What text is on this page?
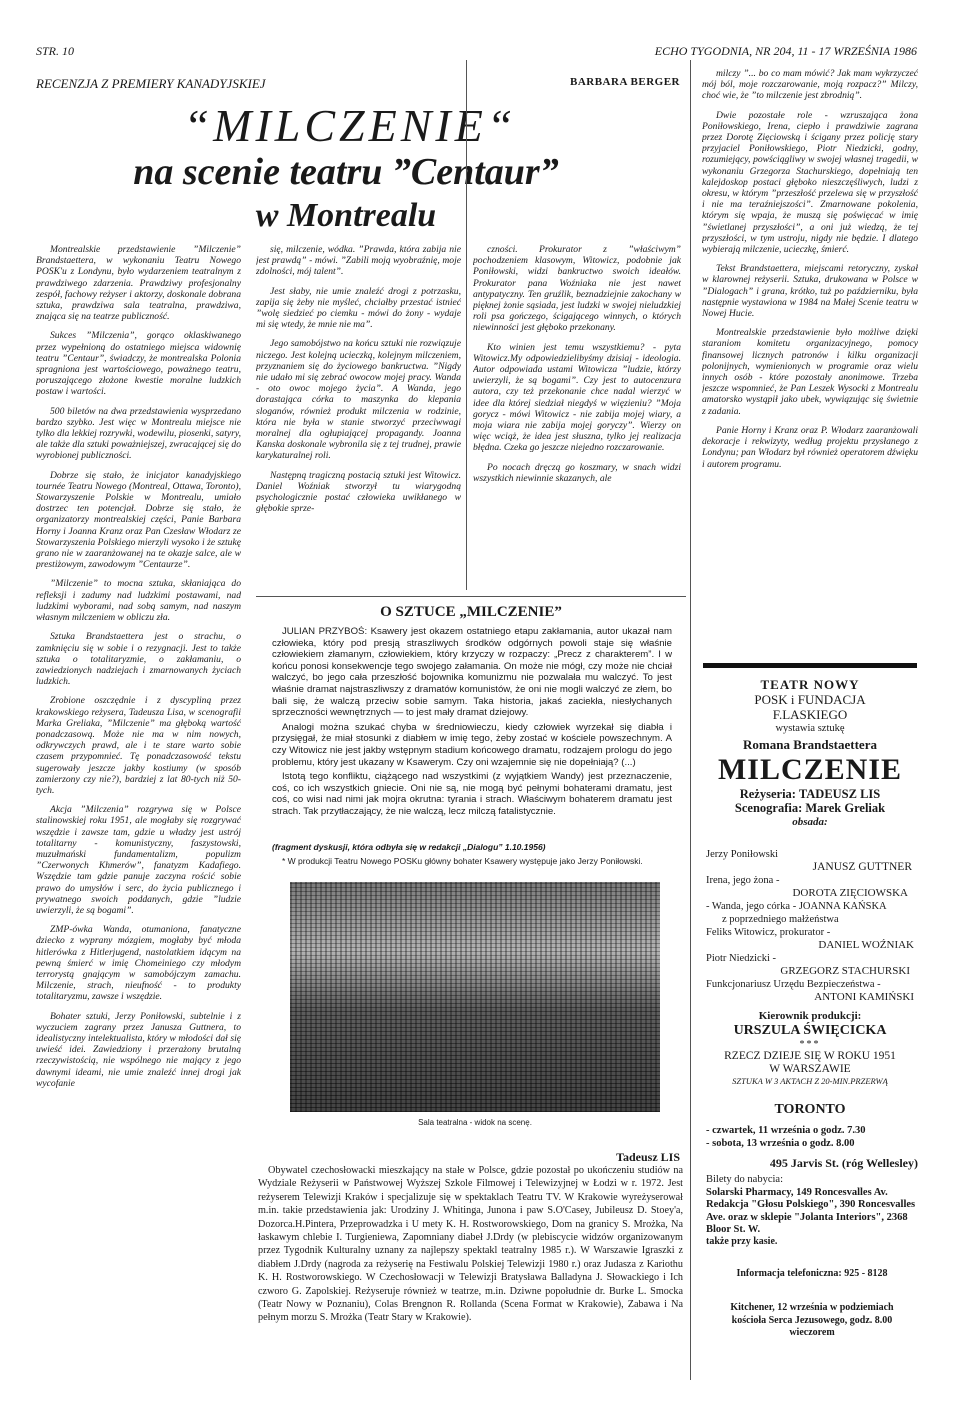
STR. 10	ECHO TYGODNIA, NR 204, 11 - 17 WRZEŚNIA 1986
RECENZJA Z PREMIERY KANADYJSKIEJ	BARBARA BERGER
“MILCZENIE“
na scenie teatru ”Centaur”
w Montrealu

Montrealskie przedstawienie ”Milczenie” Brandstaettera, w wykonaniu Teatru Nowego POSK'u z Londynu, było wydarzeniem teatralnym z prawdziwego zdarzenia. Prawdziwy profesjonalny zespół, fachowy reżyser i aktorzy, doskonale dobrana sztuka, prawdziwa sala teatralna, prawdziwa, znająca się na teatrze publiczność.

Sukces ”Milczenia”, gorąco oklaskiwanego przez wypełnioną do ostatniego miejsca widownię teatru ”Centaur”, świadczy, że montrealska Polonia spragniona jest wartościowego, poważnego teatru, poruszającego złożone kwestie moralne ludzkich postaw i wartości.

500 biletów na dwa przedstawienia wysprzedano bardzo szybko. Jest więc w Montrealu miejsce nie tylko dla lekkiej rozrywki, wodewilu, piosenki, satyry, ale także dla sztuki poważniejszej, zwracającej się do wyrobionej publiczności.

Dobrze się stało, że inicjator kanadyjskiego tournée Teatru Nowego (Montreal, Ottawa, Toronto), Stowarzyszenie Polskie w Montrealu, umiało dostrzec ten potencjał. Dobrze się stało, że organizatorzy montrealskiej części, Panie Barbara Horny i Joanna Kranz oraz Pan Czesław Włodarz ze Stowarzyszenia Polskiego mierzyli wysoko i że sztukę grano nie w zaaranżowanej na te okazje salce, ale w prestiżowym, zawodowym ”Centaurze”.

”Milczenie” to mocna sztuka, skłaniająca do refleksji i zadumy nad ludzkimi postawami, nad ludzkimi wyborami, nad sobą samym, nad naszym własnym milczeniem w obliczu zła.

Sztuka Brandstaettera jest o strachu, o zamknięciu się w sobie i o rezygnacji. Jest to także sztuka o totalitaryzmie, o zakłamaniu, o zawiedzionych nadziejach i zmarnowanych życiach ludzkich.

Zrobione oszczędnie i z dyscypliną przez krakowskiego reżysera, Tadeusza Lisa, w scenografii Marka Greliaka, ”Milczenie” ma głęboką wartość ponadczasową. Może nie ma w nim nowych, odkrywczych prawd, ale i te stare warto sobie czasem przypomnieć. Tę ponadczasowość tekstu sugerowały jeszcze jakby kostiumy (w sposób zamierzony czy nie?), bardziej z lat 80-tych niż 50-tych.

Akcja ”Milczenia” rozgrywa się w Polsce stalinowskiej roku 1951, ale mogłaby się rozgrywać wszędzie i zawsze tam, gdzie u władzy jest ustrój totalitarny - komunistyczny, faszystowski, muzułmański fundamentalizm, populizm ”Czerwonych Khmerów”, fanatyzm Kadafiego. Wszędzie tam gdzie panuje zaczyna rościć sobie prawo do umysłów i serc, do życia publicznego i prywatnego swoich poddanych, gdzie ”ludzie uwierzyli, że są bogami”.

ZMP-ówka Wanda, otumaniona, fanatyczne dziecko z wyprany mózgiem, mogłaby być młoda hitlerówka z Hitlerjugend, nastolatkiem idącym na pewną śmierć w imię Chomeiniego czy młodym terrorystą gnającym w samobójczym zamachu. Milczenie, strach, nieufność - to produkty totalitaryzmu, zawsze i wszędzie.

Bohater sztuki, Jerzy Poniłowski, subtelnie i z wyczuciem zagrany przez Janusza Guttnera, to idealistyczny intelektualista, który w młodości dał się uwieść idei. Zawiedziony i przerażony brutalną rzeczywistością, nie wspólnego nie mający z jego dawnymi ideami, nie umie znaleźć innej drogi jak wycofanie

się, milczenie, wódka. ”Prawda, która zabija nie jest prawdą” - mówi. ”Zabili moją wyobraźnię, moje zdolności, mój talent”.

Jest słaby, nie umie znaleźć drogi z potrzasku, zapija się żeby nie myśleć, chciałby przestać istnieć ”wolę siedzieć po ciemku - mówi do żony - wydaje mi się wtedy, że mnie nie ma”.

Jego samobójstwo na końcu sztuki nie rozwiązuje niczego. Jest kolejną ucieczką, kolejnym milczeniem, przyznaniem się do życiowego bankructwa. ”Nigdy nie udało mi się zebrać owocow mojej pracy. Wanda - oto owoc mojego życia”. A Wanda, jego dorastająca córka to maszynka do klepania sloganów, również produkt milczenia w rodzinie, która nie była w stanie stworzyć przeciwwagi moralnej dla ogłupiającej propagandy. Joanna Kanska doskonale wybronila się z tej trudnej, prawie karykaturalnej roli.

Następną tragiczną postacią sztuki jest Witowicz. Daniel Woźniak stworzył tu wiarygodną psychologicznie postać człowieka uwikłanego w głębokie sprze-

czności. Prokurator z ”właściwym” pochodzeniem klasowym, Witowicz, podobnie jak Poniłowski, widzi bankructwo swoich ideałów. Prokurator pana Woźniaka nie jest nawet antypatyczny. Ten gruźlik, beznadziejnie zakochany w pięknej żonie sąsiada, jest ludzki w swojej nieludzkiej roli psa gończego, ścigającego winnych, o których niewinności jest głęboko przekonany.

Kto winien jest temu wszystkiemu? - pyta Witowicz.My odpowiedzielibyśmy dzisiaj - ideologia. Autor odpowiada ustami Witowicza ”ludzie, którzy uwierzyli, że są bogami”. Czy jest to autocenzura autora, czy też przekonanie chce nadal wierzyć w idee dla której siedział niegdyś w więzieniu? ”Moja gorycz - mówi Witowicz - nie zabija mojej wiary, a moja wiara nie zabija mojej goryczy”. Wierzy on więc wciąż, że idea jest słuszna, tylko jej realizacja błędna. Czeka go jeszcze niejedno rozczarowanie.

Po nocach dręczą go koszmary, w snach widzi wszystkich niewinnie skazanych, ale

milczy ”... bo co mam mówić? Jak mam wykrzyczeć mój ból, moje rozczarowanie, moją rozpacz?” Milczy, choć wie, że ”to milczenie jest zbrodnią”.

Dwie pozostałe role - wzruszająca żona Poniłowskiego, Irena, ciepło i prawdziwie zagrana przez Dorotę Zięciowską i ścigany przez policję stary przyjaciel Poniłowskiego, Piotr Niedzicki, godny, rozumiejący, powściągliwy w swojej własnej tragedii, w wykonaniu Grzegorza Stachurskiego, dopełniają ten kalejdoskop postaci głęboko nieszczęśliwych, ludzi z okresu, w którym ”przeszłość przelewa się w przyszłość i nie ma teraźniejszości”. Zmarnowane pokolenia, którym się wpaja, że muszą się poświęcać w imię ”świetlanej przyszłości”, a oni już wiedzą, że tej przyszłości, w tym ustroju, nigdy nie będzie. I dlatego wybierają milczenie, ucieczkę, śmierć.

Tekst Brandstaettera, miejscami retoryczny, zyskał w klarownej reżyserii. Sztuka, drukowana w Polsce w ”Dialogach” i grana, krótko, tuż po październiku, była następnie wystawiona w 1984 na Małej Scenie teatru w Nowej Hucie.

Montrealskie przedstawienie było możliwe dzięki staraniom komitetu organizacyjnego, pomocy finansowej licznych patronów i kilku organizacji polonijnych, wymienionych w programie oraz wielu innych osób - które pozostały anonimowe. Trzeba jeszcze wspomnieć, że Pan Leszek Wysocki z Montrealu amatorsko wystąpił jako ubek, wywiązując się świetnie z zadania.

Panie Horny i Kranz oraz P. Włodarz zaaranżowali dekoracje i rekwizyty, według projektu przysłanego z Londynu; pan Włodarz był również operatorem dźwięku i autorem programu.

O SZTUCE „MILCZENIE”

JULIAN PRZYBOŚ: Ksawery jest okazem ostatniego etapu zakłamania, autor ukazał nam człowieka, który pod presją straszliwych środków odgórnych powoli staje się właśnie człowiekiem złamanym, człowiekiem, który krzyczy w rozpaczy: „Precz z charakterem”. I w końcu ponosi konsekwencje tego swojego załamania. On może nie mógł, czy może nie chciał walczyć, bo jego cała przeszłość bojownika komunizmu nie pozwalała mu walczyć. To jest właśnie dramat najstraszliwszy z dramatów komunistów, że oni nie mogli walczyć ze złem, bo bali się, że walczą przeciw sobie samym. Taka historia, jakaś zaciekła, niesłychanych sprzeczności wewnętrznych — to jest mały dramat dziejowy.

Analogi można szukać chyba w średniowieczu, kiedy człowiek wyrzekał się diabła i przysięgał, że miał stosunki z diabłem w imię tego, żeby zostać w kościele powszechnym. A czy Witowicz nie jest jakby wstępnym stadium końcowego dramatu, rodzajem prologu do jego problemu, który jest ukazany w Ksawerym. Czy oni wzajemnie się nie dopełniają? (...)

Istotą tego konfliktu, ciążącego nad wszystkimi (z wyjątkiem Wandy) jest przeznaczenie, coś, co ich wszystkich gniecie. Oni nie są, nie mogą być pełnymi bohaterami dramatu, jest coś, co wisi nad nimi jak mojra okrutna: tyrania i strach. Właściwym bohaterem dramatu jest strach. Tak przytłaczający, że nie walczą, lecz milczą fatalistycznie.

(fragment dyskusji, która odbyła się w redakcji „Dialogu” 1.10.1956)
* W produkcji Teatru Nowego POSKu główny bohater Ksawery występuje jako Jerzy Poniłowski.
Sala teatralna - widok na scenę.
Tadeusz LIS

Obywatel czechosłowacki mieszkający na stałe w Polsce, gdzie pozostał po ukończeniu studiów na Wydziale Reżyserii w Państwowej Wyższej Szkole Filmowej i Telewizyjnej w Łodzi w r. 1972. Jest reżyserem Telewizji Kraków i specjalizuje się w spektaklach Teatru TV. W Krakowie wyreżyserował m.in. takie przedstawienia jak: Urodziny J. Whitinga, Junona i paw S.O'Casey, Jubileusz D. Stoey'a, Dozorca.H.Pintera, Przeprowadzka i U mety K. H. Rostworowskiego, Dom na granicy S. Mrożka, Na łaskawym chlebie I. Turgieniewa, Zapomniany diabeł J.Drdy (w plebiscycie widzów organizowanym przez Tygodnik Kulturalny uznany za najlepszy spektakl teatralny 1985 r.). W Warszawie Igraszki z diabłem J.Drdy (nagroda za reżyserię na Festiwalu Polskiej Telewizji 1980 r.) oraz Judasza z Kariothu K. H. Rostworowskiego. W Czechosłowacji w Telewizji Bratysława Balladyna J. Słowackiego i Ich czworo G. Zapolskiej. Reżyseruje również w teatrze, m.in. Dziwne popołudnie dr. Burke L. Smocka (Teatr Nowy w Poznaniu), Colas Brengnon R. Rollanda (Scena Format w Krakowie), Zabawa i Na pełnym morzu S. Mrożka (Teatr Stary w Krakowie).

TEATR NOWY
POSK i FUNDACJA
F.LASKIEGO
wystawia sztukę
Romana Brandstaettera
MILCZENIE
Reżyseria: TADEUSZ LIS
Scenografia: Marek Greliak
obsada:
Jerzy Poniłowski
JANUSZ GUTTNER
Irena, jego żona -
DOROTA ZIĘCIOWSKA
- Wanda, jego córka - JOANNA KAŃSKA
z poprzedniego małżeństwa
Feliks Witowicz, prokurator -
DANIEL WOŹNIAK
Piotr Niedzicki -
GRZEGORZ STACHURSKI
Funkcjonariusz Urzędu Bezpieczeństwa -
ANTONI KAMIŃSKI
Kierownik produkcji:
URSZULA ŚWIĘCICKA
***
RZECZ DZIEJE SIĘ W ROKU 1951
W WARSZAWIE
SZTUKA W 3 AKTACH Z 20-MIN.PRZERWĄ
TORONTO
- czwartek, 11 września o godz. 7.30
- sobota, 13 września o godz. 8.00
495 Jarvis St. (róg Wellesley)
Bilety do nabycia:
Solarski Pharmacy, 149 Roncesvalles Av. Redakcja "Głosu Polskiego", 390 Roncesvalles Ave. oraz w sklepie "Jolanta Interiors", 2368 Bloor St. W.
także przy kasie.
Informacja telefoniczna: 925 - 8128
Kitchener, 12 września w podziemiach kościoła Serca Jezusowego, godz. 8.00 wieczorem
